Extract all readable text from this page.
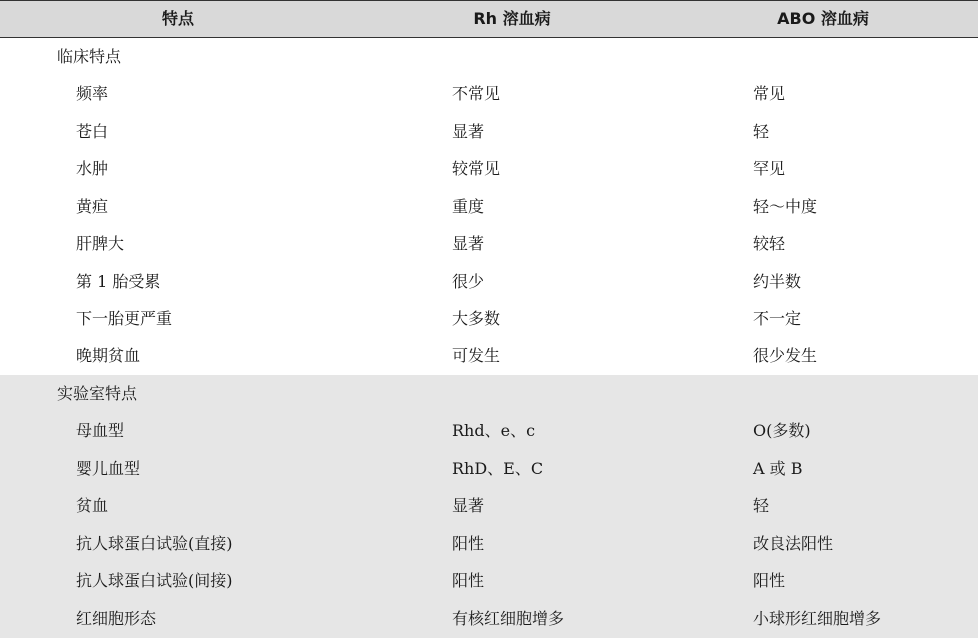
特点	Rh 溶血病	ABO 溶血病
临床特点
频率	不常见	常见
苍白	显著	轻
水肿	较常见	罕见
黄疸	重度	轻～中度
肝脾大	显著	较轻
第 1 胎受累	很少	约半数
下一胎更严重	大多数	不一定
晚期贫血	可发生	很少发生
实验室特点
母血型	Rhd、e、c	O(多数)
婴儿血型	RhD、E、C	A 或 B
贫血	显著	轻
抗人球蛋白试验(直接)	阳性	改良法阳性
抗人球蛋白试验(间接)	阳性	阳性
红细胞形态	有核红细胞增多	小球形红细胞增多
